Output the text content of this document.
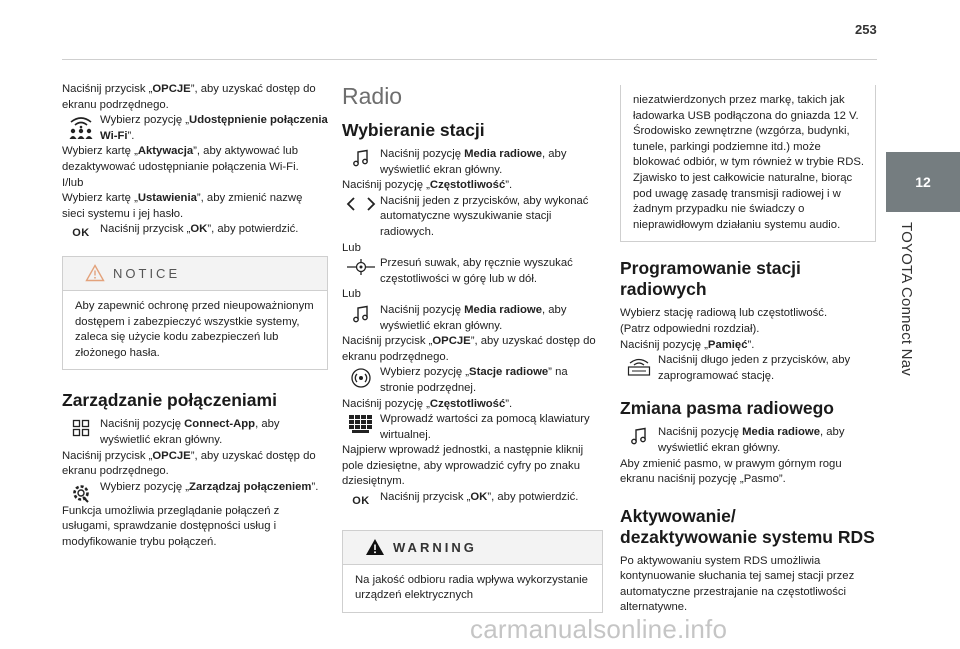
253
12
TOYOTA Connect Nav

Naciśnij przycisk „OPCJE”, aby uzyskać dostęp do ekranu podrzędnego.

Wybierz pozycję „Udostępnienie połączenia Wi-Fi”.

Wybierz kartę „Aktywacja”, aby aktywować lub dezaktywować udostępnianie połączenia Wi-Fi.

I/lub

Wybierz kartę „Ustawienia”, aby zmienić nazwę sieci systemu i jej hasło.

OK Naciśnij przycisk „OK”, aby potwierdzić.
NOTICE
Aby zapewnić ochronę przed nieupoważnionym dostępem i zabezpieczyć wszystkie systemy, zaleca się użycie kodu zabezpieczeń lub złożonego hasła.
Zarządzanie połączeniami
Naciśnij pozycję Connect-App, aby wyświetlić ekran główny.

Naciśnij przycisk „OPCJE”, aby uzyskać dostęp do ekranu podrzędnego.

Wybierz pozycję „Zarządzaj połączeniem”.

Funkcja umożliwia przeglądanie połączeń z usługami, sprawdzanie dostępności usług i modyfikowanie trybu połączeń.

Radio
Wybieranie stacji
Naciśnij pozycję Media radiowe, aby wyświetlić ekran główny.

Naciśnij pozycję „Częstotliwość”.

Naciśnij jeden z przycisków, aby wykonać automatyczne wyszukiwanie stacji radiowych.

Lub

Przesuń suwak, aby ręcznie wyszukać częstotliwości w górę lub w dół.

Lub

Naciśnij pozycję Media radiowe, aby wyświetlić ekran główny.

Naciśnij przycisk „OPCJE”, aby uzyskać dostęp do ekranu podrzędnego.

Wybierz pozycję „Stacje radiowe” na stronie podrzędnej.

Naciśnij pozycję „Częstotliwość”.

Wprowadź wartości za pomocą klawiatury wirtualnej.

Najpierw wprowadź jednostki, a następnie kliknij pole dziesiętne, aby wprowadzić cyfry po znaku dziesiętnym.

OK Naciśnij przycisk „OK”, aby potwierdzić.
WARNING
Na jakość odbioru radia wpływa wykorzystanie urządzeń elektrycznych
niezatwierdzonych przez markę, takich jak ładowarka USB podłączona do gniazda 12 V. Środowisko zewnętrzne (wzgórza, budynki, tunele, parkingi podziemne itd.) może blokować odbiór, w tym również w trybie RDS. Zjawisko to jest całkowicie naturalne, biorąc pod uwagę zasadę transmisji radiowej i w żadnym przypadku nie świadczy o nieprawidłowym działaniu systemu audio.
Programowanie stacji radiowych

Wybierz stację radiową lub częstotliwość.

(Patrz odpowiedni rozdział).

Naciśnij pozycję „Pamięć”.

Naciśnij długo jeden z przycisków, aby zaprogramować stację.
Zmiana pasma radiowego
Naciśnij pozycję Media radiowe, aby wyświetlić ekran główny.

Aby zmienić pasmo, w prawym górnym rogu ekranu naciśnij pozycję „Pasmo”.

Aktywowanie/ dezaktywowanie systemu RDS

Po aktywowaniu system RDS umożliwia kontynuowanie słuchania tej samej stacji przez automatyczne przestrajanie na częstotliwości alternatywne.

carmanualsonline.info
